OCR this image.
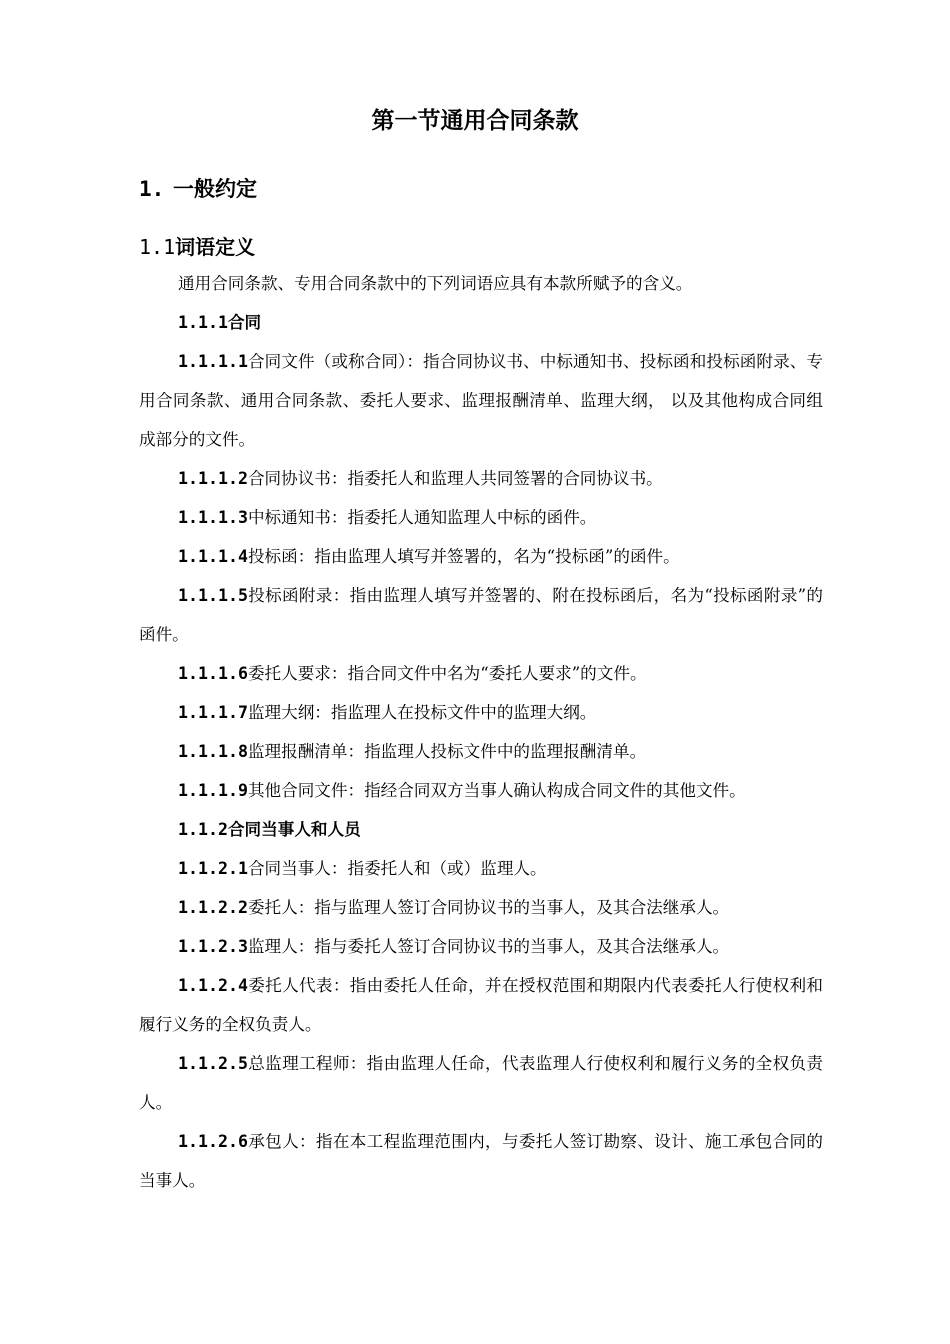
第一节通用合同条款
1. 一般约定
1.1词语定义

通用合同条款、专用合同条款中的下列词语应具有本款所赋予的含义。

1.1.1合同

1.1.1.1合同文件（或称合同）：指合同协议书、中标通知书、投标函和投标函附录、专用合同条款、通用合同条款、委托人要求、监理报酬清单、监理大纲， 以及其他构成合同组成部分的文件。

1.1.1.2合同协议书：指委托人和监理人共同签署的合同协议书。

1.1.1.3中标通知书：指委托人通知监理人中标的函件。

1.1.1.4投标函：指由监理人填写并签署的，名为“投标函”的函件。

1.1.1.5投标函附录：指由监理人填写并签署的、附在投标函后，名为“投标函附录”的函件。

1.1.1.6委托人要求：指合同文件中名为“委托人要求”的文件。

1.1.1.7监理大纲：指监理人在投标文件中的监理大纲。

1.1.1.8监理报酬清单：指监理人投标文件中的监理报酬清单。

1.1.1.9其他合同文件：指经合同双方当事人确认构成合同文件的其他文件。

1.1.2合同当事人和人员

1.1.2.1合同当事人：指委托人和（或）监理人。

1.1.2.2委托人：指与监理人签订合同协议书的当事人，及其合法继承人。

1.1.2.3监理人：指与委托人签订合同协议书的当事人，及其合法继承人。

1.1.2.4委托人代表：指由委托人任命，并在授权范围和期限内代表委托人行使权利和履行义务的全权负责人。

1.1.2.5总监理工程师：指由监理人任命，代表监理人行使权利和履行义务的全权负责人。

1.1.2.6承包人：指在本工程监理范围内，与委托人签订勘察、设计、施工承包合同的当事人。
